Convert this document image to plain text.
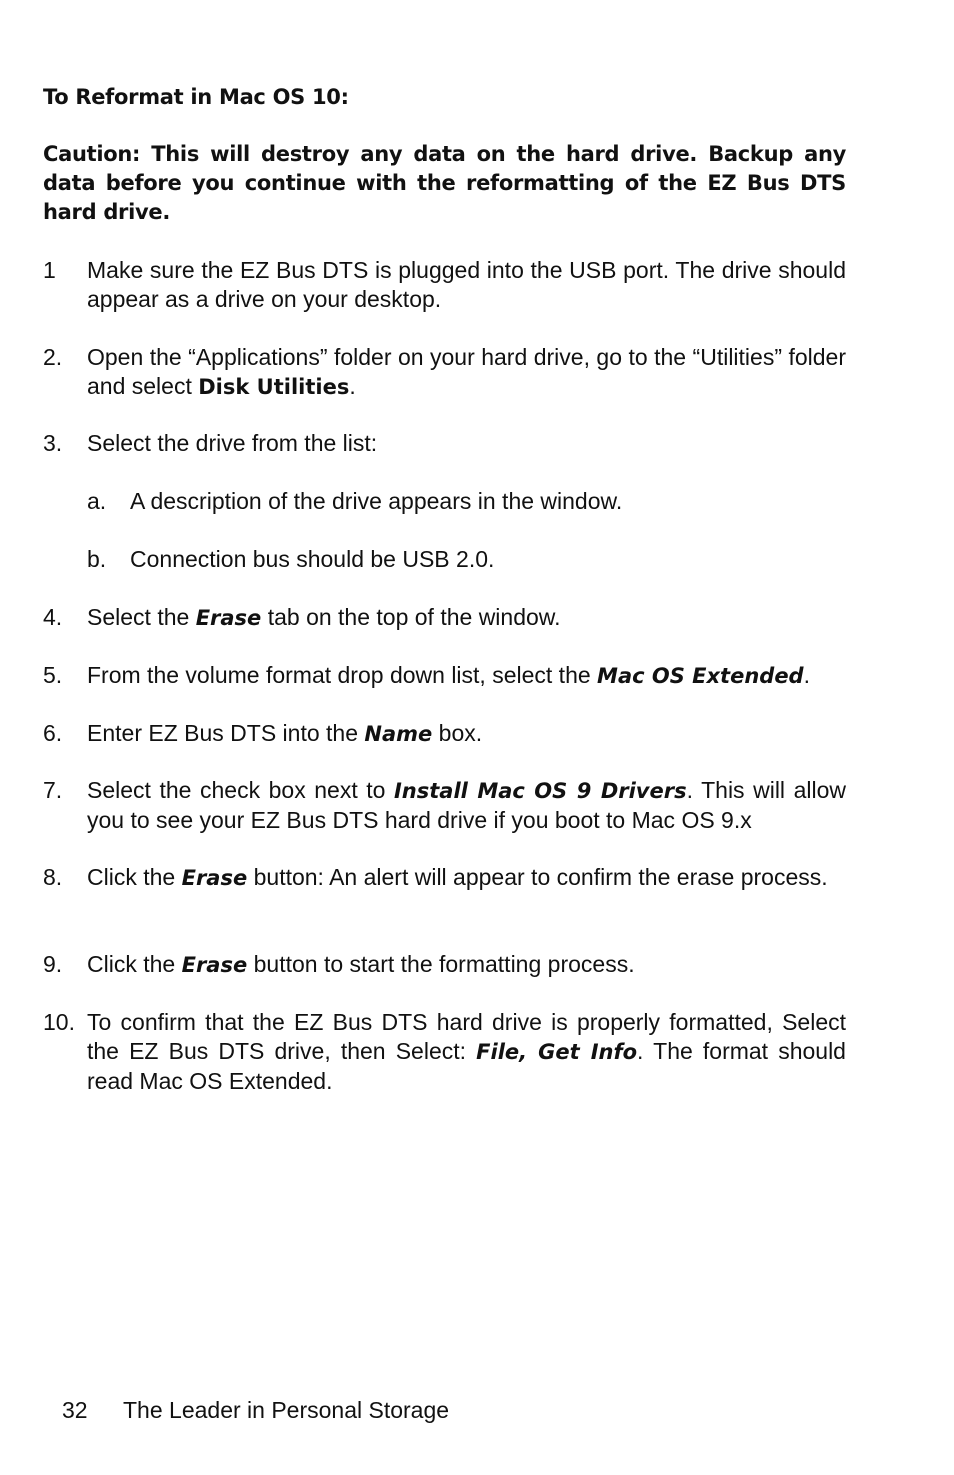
To Reformat in Mac OS 10:

Caution: This will destroy any data on the hard drive. Backup any data before you continue with the reformatting of the EZ Bus DTS hard drive.

1 Make sure the EZ Bus DTS is plugged into the USB port. The drive should appear as a drive on your desktop.
2. Open the “Applications” folder on your hard drive, go to the “Utilities” folder and select Disk Utilities.
3. Select the drive from the list:
a. A description of the drive appears in the window.
b. Connection bus should be USB 2.0.
4. Select the Erase tab on the top of the window.
5. From the volume format drop down list, select the Mac OS Extended.
6. Enter EZ Bus DTS into the Name box.
7. Select the check box next to Install Mac OS 9 Drivers. This will allow you to see your EZ Bus DTS hard drive if you boot to Mac OS 9.x
8. Click the Erase button: An alert will appear to confirm the erase process.
9. Click the Erase button to start the formatting process.
10. To confirm that the EZ Bus DTS hard drive is properly formatted, Select the EZ Bus DTS drive, then Select: File, Get Info. The format should read Mac OS Extended.
32 The Leader in Personal Storage
